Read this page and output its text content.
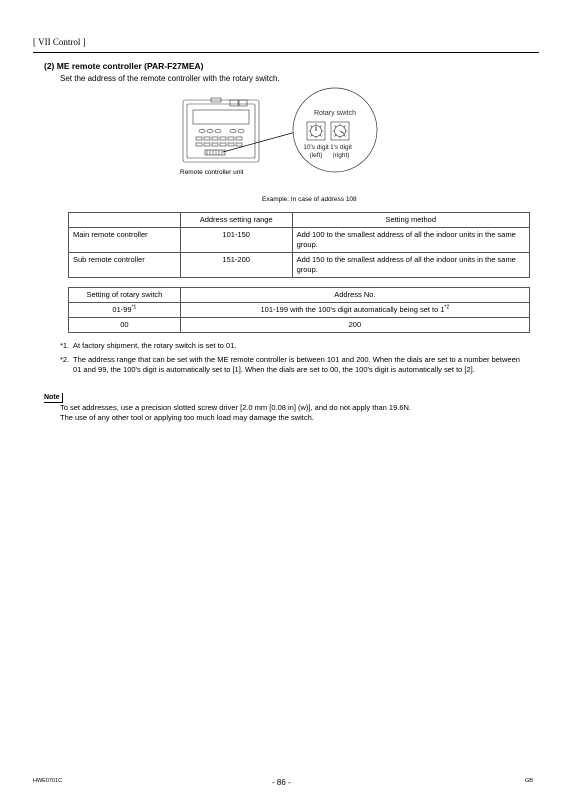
[ VII Control ]
(2) ME remote controller (PAR-F27MEA)
Set the address of the remote controller with the rotary switch.
Rotary switch
10's digit
(left)
1's digit
(right)
Remote controller unit
Example: In case of address 108
	Address setting range	Setting method
Main remote controller	101-150	Add 100 to the smallest address of all the indoor units in the same group.
Sub remote controller	151-200	Add 150 to the smallest address of all the indoor units in the same group.
Setting of rotary switch	Address No.
01-99$^{*1}$	101-199 with the 100's digit automatically being set to 1$^{*2}$
00	200
*1. At factory shipment, the rotary switch is set to 01.
*2. The address range that can be set with the ME remote controller is between 101 and 200. When the dials are set to a number between 01 and 99, the 100's digit is automatically set to [1]. When the dials are set to 00, the 100's digit is automatically set to [2].
Note
To set addresses, use a precision slotted screw driver [2.0 mm [0.08 in] (w)], and do not apply than 19.6N.
The use of any other tool or applying too much load may damage the switch.
HWE0701C	- 86 -	GB
